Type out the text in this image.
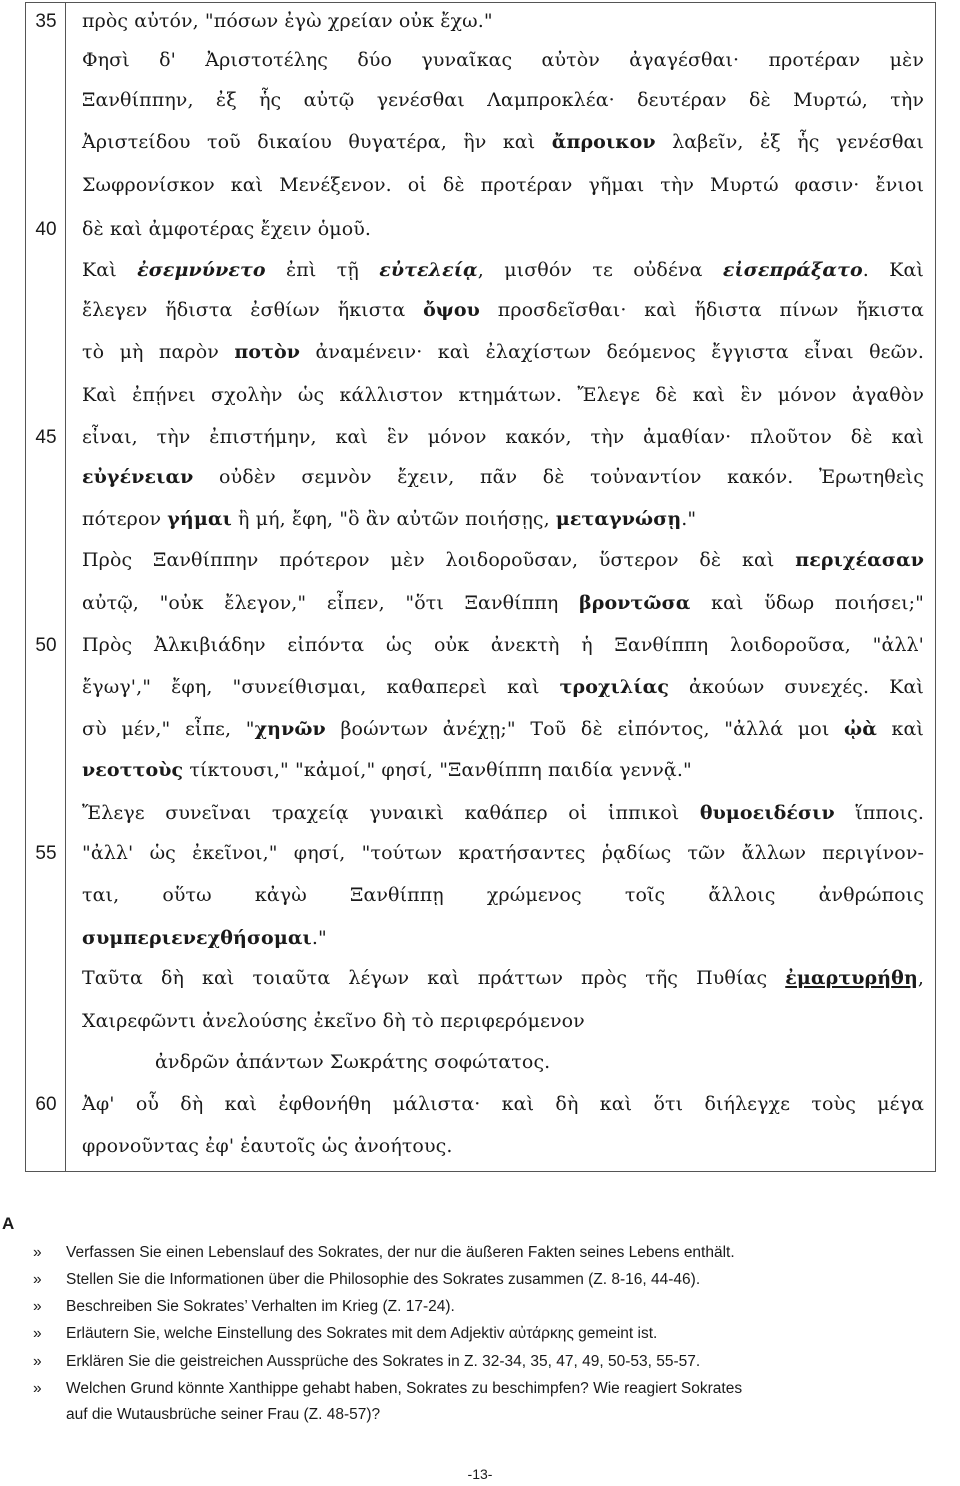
35
40
45
50
55
60
πρὸς αὐτόν, "πόσων ἐγὼ χρείαν οὐκ ἔχω."
Φησὶ δ' Ἀριστοτέλης δύο γυναῖκας αὐτὸν ἀγαγέσθαι· προτέραν μὲν
Ξανθίππην, ἐξ ἧς αὐτῷ γενέσθαι Λαμπροκλέα· δευτέραν δὲ Μυρτώ, τὴν
Ἀριστείδου τοῦ δικαίου θυγατέρα, ἣν καὶ ἄπροικον λαβεῖν, ἐξ ἧς γενέσθαι
Σωφρονίσκον καὶ Μενέξενον. οἱ δὲ προτέραν γῆμαι τὴν Μυρτώ φασιν· ἔνιοι
δὲ καὶ ἀμφοτέρας ἔχειν ὁμοῦ.
Καὶ ἐσεμνύνετο ἐπὶ τῇ εὐτελείᾳ, μισθόν τε οὐδένα εἰσεπράξατο. Καὶ
ἔλεγεν ἥδιστα ἐσθίων ἥκιστα ὄψου προσδεῖσθαι· καὶ ἥδιστα πίνων ἥκιστα
τὸ μὴ παρὸν ποτὸν ἀναμένειν· καὶ ἐλαχίστων δεόμενος ἔγγιστα εἶναι θεῶν.
Καὶ ἐπῄνει σχολὴν ὡς κάλλιστον κτημάτων. Ἔλεγε δὲ καὶ ἓν μόνον ἀγαθὸν
εἶναι, τὴν ἐπιστήμην, καὶ ἓν μόνον κακόν, τὴν ἀμαθίαν· πλοῦτον δὲ καὶ
εὐγένειαν οὐδὲν σεμνὸν ἔχειν, πᾶν δὲ τοὐναντίον κακόν. Ἐρωτηθεὶς
πότερον γήμαι ἢ μή, ἔφη, "ὃ ἂν αὐτῶν ποιήσῃς, μεταγνώσῃ."
Πρὸς Ξανθίππην πρότερον μὲν λοιδοροῦσαν, ὕστερον δὲ καὶ περιχέασαν
αὐτῷ, "οὐκ ἔλεγον," εἶπεν, "ὅτι Ξανθίππη βροντῶσα καὶ ὕδωρ ποιήσει;"
Πρὸς Ἀλκιβιάδην εἰπόντα ὡς οὐκ ἀνεκτὴ ἡ Ξανθίππη λοιδοροῦσα, "ἀλλ'
ἔγωγ'," ἔφη, "συνείθισμαι, καθαπερεὶ καὶ τροχιλίας ἀκούων συνεχές. Καὶ
σὺ μέν," εἶπε, "χηνῶν βοώντων ἀνέχῃ;" Τοῦ δὲ εἰπόντος, "ἀλλά μοι ᾠὰ καὶ
νεοττοὺς τίκτουσι," "κἀμοί," φησί, "Ξανθίππη παιδία γεννᾷ."
Ἔλεγε συνεῖναι τραχείᾳ γυναικὶ καθάπερ οἱ ἱππικοὶ θυμοειδέσιν ἵπποις.
"ἀλλ' ὡς ἐκεῖνοι," φησί, "τούτων κρατήσαντες ῥᾳδίως τῶν ἄλλων περιγίνον-
ται, οὕτω κἀγὼ Ξανθίππῃ χρώμενος τοῖς ἄλλοις ἀνθρώποις
συμπεριενεχθήσομαι."
Ταῦτα δὴ καὶ τοιαῦτα λέγων καὶ πράττων πρὸς τῆς Πυθίας ἐμαρτυρήθη,
Χαιρεφῶντι ἀνελούσης ἐκεῖνο δὴ τὸ περιφερόμενον
ἀνδρῶν ἁπάντων Σωκράτης σοφώτατος.
Ἀφ' οὗ δὴ καὶ ἐφθονήθη μάλιστα· καὶ δὴ καὶ ὅτι διήλεγχε τοὺς μέγα
φρονοῦντας ἐφ' ἑαυτοῖς ὡς ἀνοήτους.
A
» Verfassen Sie einen Lebenslauf des Sokrates, der nur die äußeren Fakten seines Lebens enthält.
» Stellen Sie die Informationen über die Philosophie des Sokrates zusammen (Z. 8-16, 44-46).
» Beschreiben Sie Sokrates’ Verhalten im Krieg (Z. 17-24).
» Erläutern Sie, welche Einstellung des Sokrates mit dem Adjektiv αὐτάρκης gemeint ist.
» Erklären Sie die geistreichen Aussprüche des Sokrates in Z. 32-34, 35, 47, 49, 50-53, 55-57.
» Welchen Grund könnte Xanthippe gehabt haben, Sokrates zu beschimpfen? Wie reagiert Sokrates
auf die Wutausbrüche seiner Frau (Z. 48-57)?
-13-
